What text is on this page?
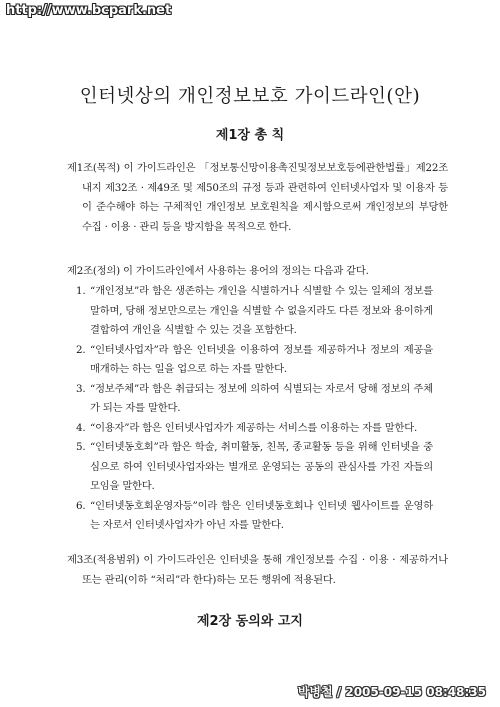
http://www.bcpark.net
인터넷상의 개인정보보호 가이드라인(안)
제1장 총 칙
제1조(목적) 이 가이드라인은 「정보통신망이용촉진및정보보호등에관한법률」제22조 내지 제32조 · 제49조 및 제50조의 규정 등과 관련하여 인터넷사업자 및 이용자 등이 준수해야 하는 구체적인 개인정보 보호원칙을 제시함으로써 개인정보의 부당한 수집 · 이용 · 관리 등을 방지함을 목적으로 한다.
제2조(정의) 이 가이드라인에서 사용하는 용어의 정의는 다음과 같다.
1. “개인정보”라 함은 생존하는 개인을 식별하거나 식별할 수 있는 일체의 정보를 말하며, 당해 정보만으로는 개인을 식별할 수 없을지라도 다른 정보와 용이하게 결합하여 개인을 식별할 수 있는 것을 포함한다.
2. “인터넷사업자”라 함은 인터넷을 이용하여 정보를 제공하거나 정보의 제공을 매개하는 하는 일을 업으로 하는 자를 말한다.
3. “정보주체”라 함은 취급되는 정보에 의하여 식별되는 자로서 당해 정보의 주체가 되는 자를 말한다.
4. “이용자”라 함은 인터넷사업자가 제공하는 서비스를 이용하는 자를 말한다.
5. “인터넷동호회”라 함은 학술, 취미활동, 친목, 종교활동 등을 위해 인터넷을 중심으로 하여 인터넷사업자와는 별개로 운영되는 공동의 관심사를 가진 자들의 모임을 말한다.
6. “인터넷동호회운영자등”이라 함은 인터넷동호회나 인터넷 웹사이트를 운영하는 자로서 인터넷사업자가 아닌 자를 말한다.
제3조(적용범위) 이 가이드라인은 인터넷을 통해 개인정보를 수집 · 이용 · 제공하거나 또는 관리(이하 “처리”라 한다)하는 모든 행위에 적용된다.
제2장 동의와 고지
박병철 / 2005-09-15 08:48:35
